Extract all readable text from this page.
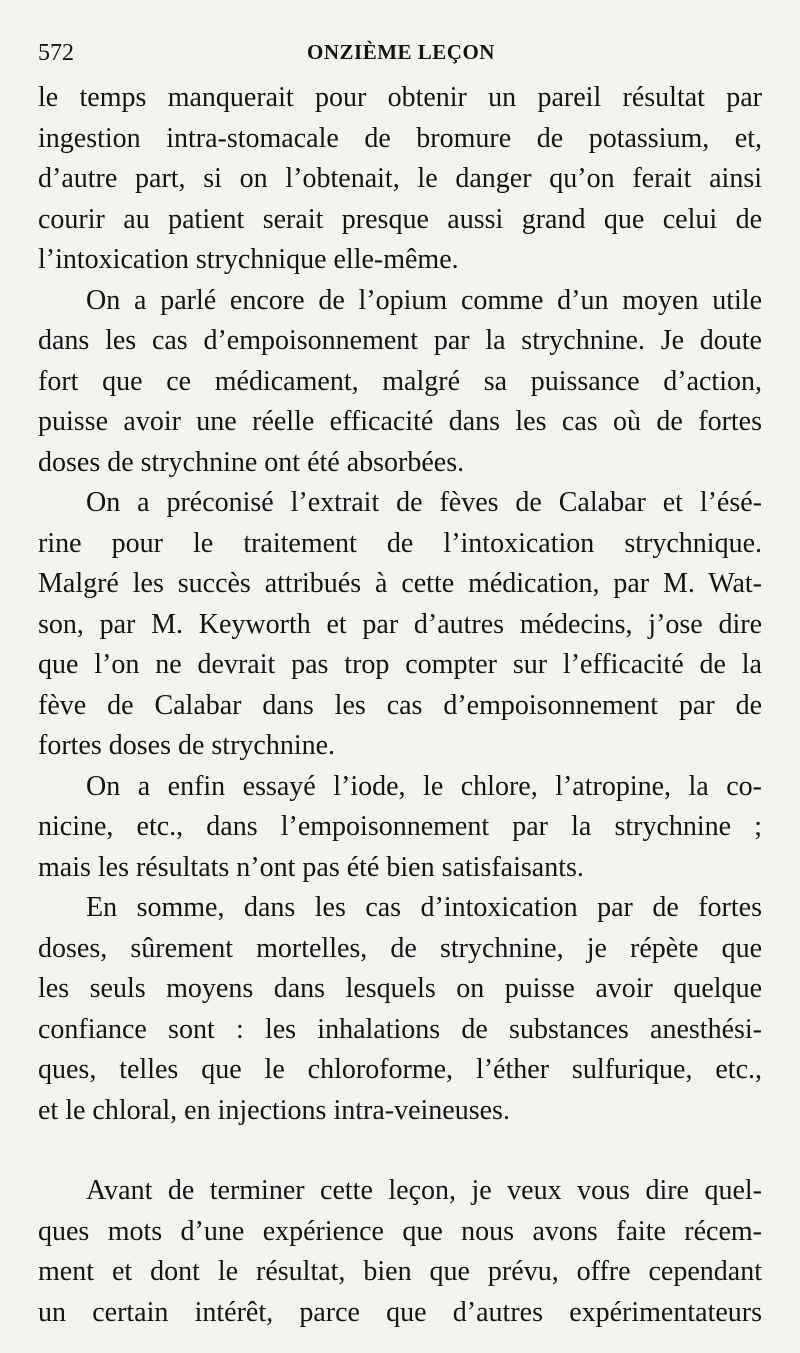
572	ONZIÈME LEÇON
le temps manquerait pour obtenir un pareil résultat par
ingestion intra-stomacale de bromure de potassium, et,
d’autre part, si on l’obtenait, le danger qu’on ferait ainsi
courir au patient serait presque aussi grand que celui de
l’intoxication strychnique elle-même.
On a parlé encore de l’opium comme d’un moyen utile
dans les cas d’empoisonnement par la strychnine. Je doute
fort que ce médicament, malgré sa puissance d’action,
puisse avoir une réelle efficacité dans les cas où de fortes
doses de strychnine ont été absorbées.
On a préconisé l’extrait de fèves de Calabar et l’ésé-
rine pour le traitement de l’intoxication strychnique.
Malgré les succès attribués à cette médication, par M. Wat-
son, par M. Keyworth et par d’autres médecins, j’ose dire
que l’on ne devrait pas trop compter sur l’efficacité de la
fève de Calabar dans les cas d’empoisonnement par de
fortes doses de strychnine.
On a enfin essayé l’iode, le chlore, l’atropine, la co-
nicine, etc., dans l’empoisonnement par la strychnine ;
mais les résultats n’ont pas été bien satisfaisants.
En somme, dans les cas d’intoxication par de fortes
doses, sûrement mortelles, de strychnine, je répète que
les seuls moyens dans lesquels on puisse avoir quelque
confiance sont : les inhalations de substances anesthési-
ques, telles que le chloroforme, l’éther sulfurique, etc.,
et le chloral, en injections intra-veineuses.
Avant de terminer cette leçon, je veux vous dire quel-
ques mots d’une expérience que nous avons faite récem-
ment et dont le résultat, bien que prévu, offre cependant
un certain intérêt, parce que d’autres expérimentateurs
